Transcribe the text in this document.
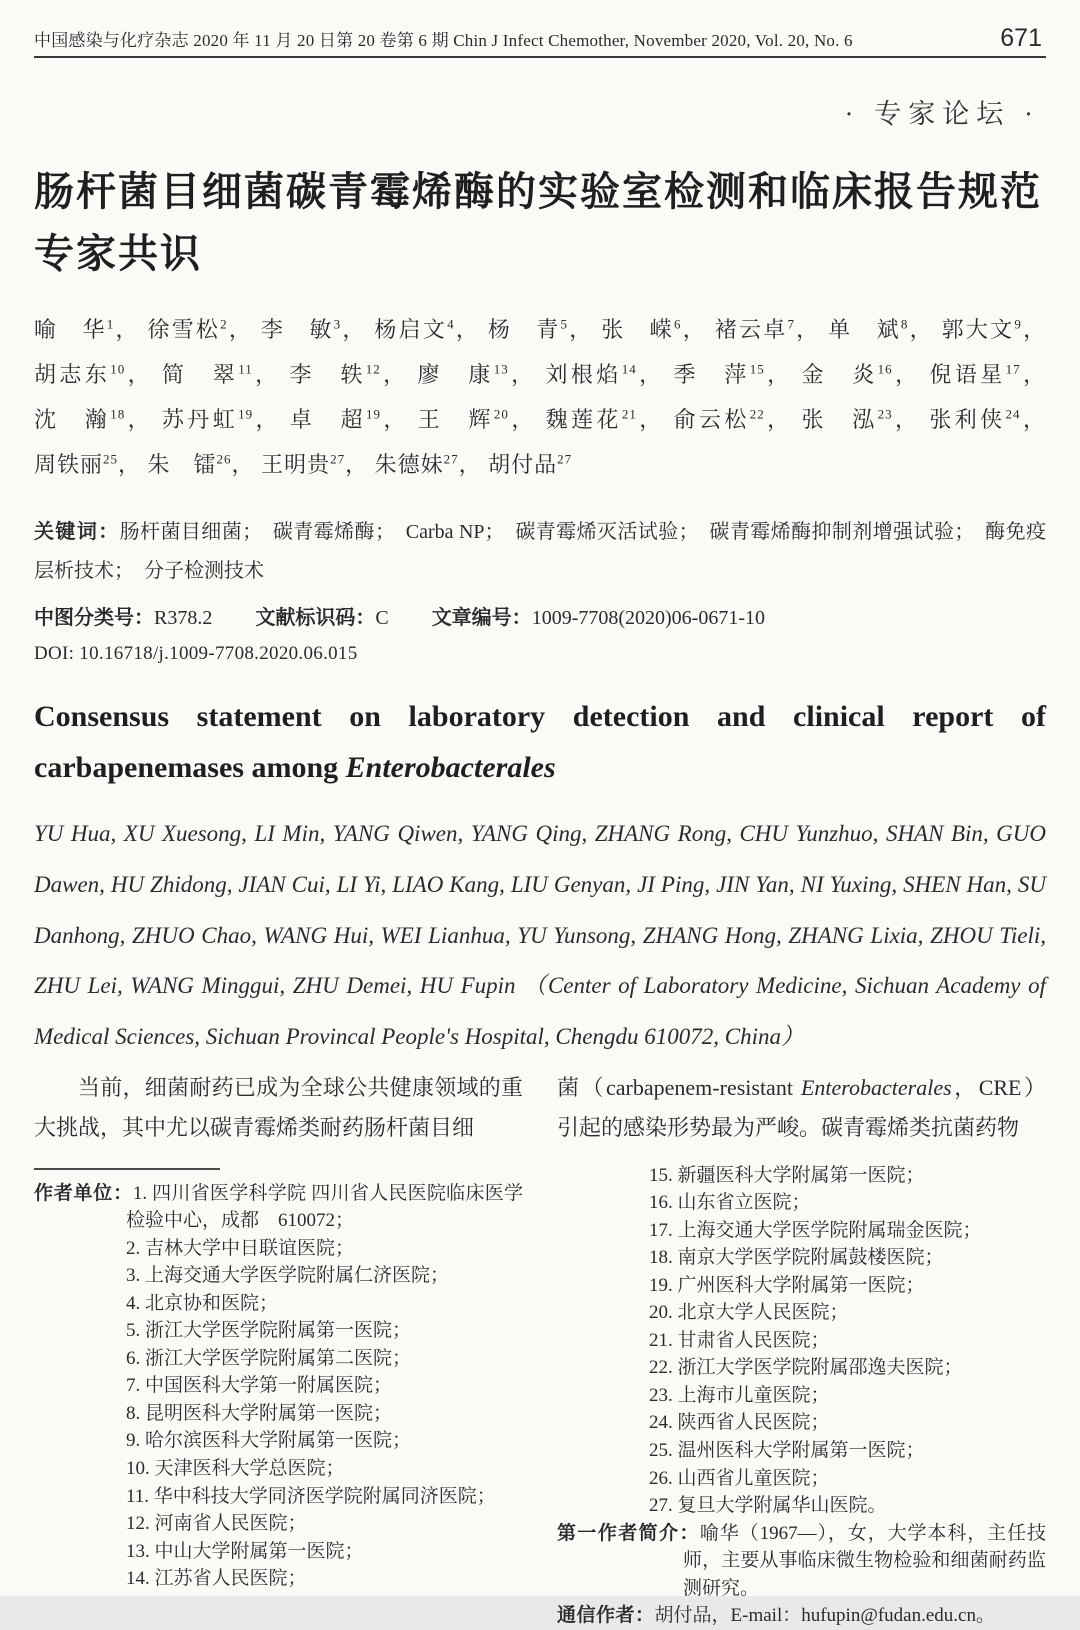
中国感染与化疗杂志 2020 年 11 月 20 日第 20 卷第 6 期 Chin J Infect Chemother, November 2020, Vol. 20, No. 6	671
· 专家论坛 ·
肠杆菌目细菌碳青霉烯酶的实验室检测和临床报告规范
专家共识
喻　华$^1$， 徐雪松$^2$， 李　敏$^3$， 杨启文$^4$， 杨　青$^5$， 张　嵘$^6$， 褚云卓$^7$， 单　斌$^8$， 郭大文$^9$， 胡志东$^{10}$， 简　翠$^{11}$， 李　轶$^{12}$， 廖　康$^{13}$， 刘根焰$^{14}$， 季　萍$^{15}$， 金　炎$^{16}$， 倪语星$^{17}$， 沈　瀚$^{18}$， 苏丹虹$^{19}$， 卓　超$^{19}$， 王　辉$^{20}$， 魏莲花$^{21}$， 俞云松$^{22}$， 张　泓$^{23}$， 张利侠$^{24}$， 周铁丽$^{25}$， 朱　镭$^{26}$， 王明贵$^{27}$， 朱德妹$^{27}$， 胡付品$^{27}$
关键词：肠杆菌目细菌；　碳青霉烯酶；　Carba NP；　碳青霉烯灭活试验；　碳青霉烯酶抑制剂增强试验；　酶免疫层析技术；　分子检测技术
中图分类号：R378.2 文献标识码：C 文章编号：1009-7708(2020)06-0671-10
DOI: 10.16718/j.1009-7708.2020.06.015
Consensus statement on laboratory detection and clinical report of carbapenemases among Enterobacterales
YU Hua, XU Xuesong, LI Min, YANG Qiwen, YANG Qing, ZHANG Rong, CHU Yunzhuo, SHAN Bin, GUO Dawen, HU Zhidong, JIAN Cui, LI Yi, LIAO Kang, LIU Genyan, JI Ping, JIN Yan, NI Yuxing, SHEN Han, SU Danhong, ZHUO Chao, WANG Hui, WEI Lianhua, YU Yunsong, ZHANG Hong, ZHANG Lixia, ZHOU Tieli, ZHU Lei, WANG Minggui, ZHU Demei, HU Fupin （Center of Laboratory Medicine, Sichuan Academy of Medical Sciences, Sichuan Provincal People's Hospital, Chengdu 610072, China）

当前，细菌耐药已成为全球公共健康领域的重大挑战，其中尤以碳青霉烯类耐药肠杆菌目细

菌（carbapenem-resistant Enterobacterales，CRE）引起的感染形势最为严峻。碳青霉烯类抗菌药物

作者单位：1. 四川省医学科学院 四川省人民医院临床医学检验中心，成都　610072；

2. 吉林大学中日联谊医院；
3. 上海交通大学医学院附属仁济医院；
4. 北京协和医院；
5. 浙江大学医学院附属第一医院；
6. 浙江大学医学院附属第二医院；
7. 中国医科大学第一附属医院；
8. 昆明医科大学附属第一医院；
9. 哈尔滨医科大学附属第一医院；
10. 天津医科大学总医院；
11. 华中科技大学同济医学院附属同济医院；
12. 河南省人民医院；
13. 中山大学附属第一医院；
14. 江苏省人民医院；
15. 新疆医科大学附属第一医院；
16. 山东省立医院；
17. 上海交通大学医学院附属瑞金医院；
18. 南京大学医学院附属鼓楼医院；
19. 广州医科大学附属第一医院；
20. 北京大学人民医院；
21. 甘肃省人民医院；
22. 浙江大学医学院附属邵逸夫医院；
23. 上海市儿童医院；
24. 陕西省人民医院；
25. 温州医科大学附属第一医院；
26. 山西省儿童医院；
27. 复旦大学附属华山医院。

第一作者简介：喻华（1967—），女，大学本科，主任技师，主要从事临床微生物检验和细菌耐药监测研究。

通信作者：胡付品，E-mail：hufupin@fudan.edu.cn。
